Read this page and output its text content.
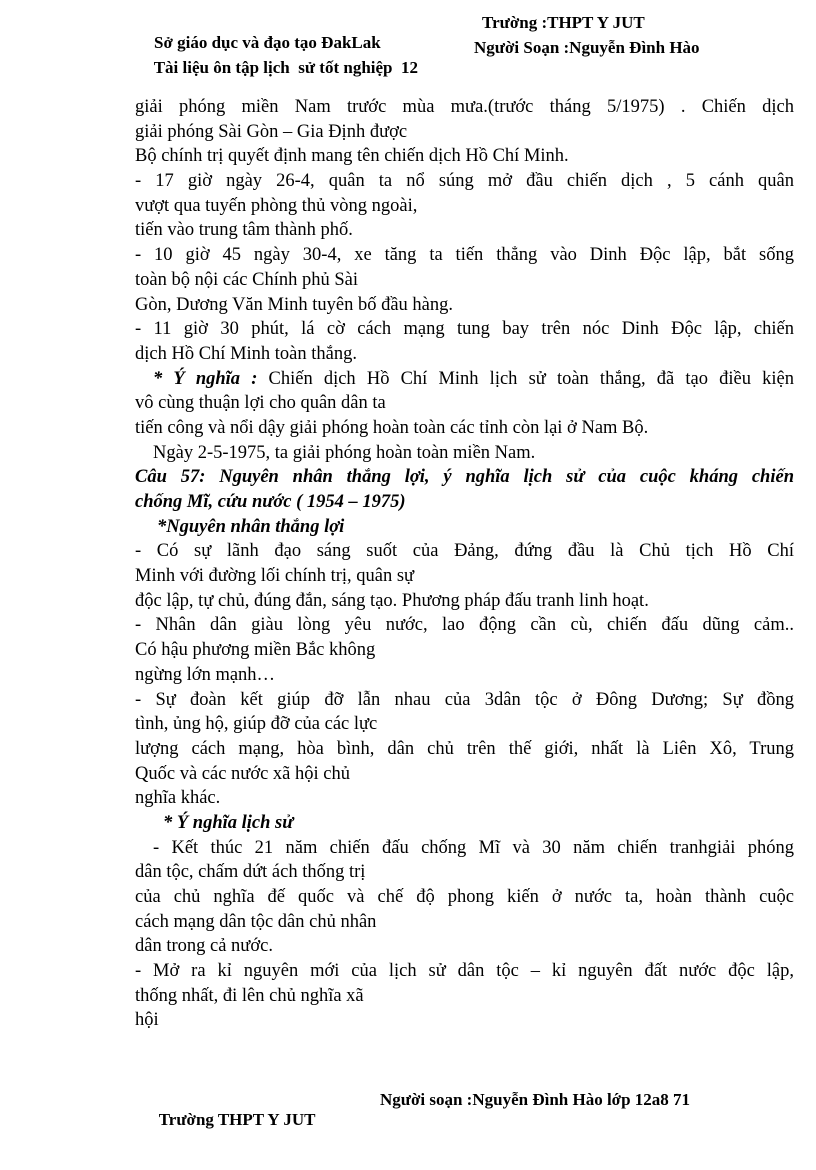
Sở giáo dục và đạo tạo ĐakLak

Trường :THPT Y JUT

Tài liệu ôn tập lịch  sử tốt nghiệp  12

Người Soạn :Nguyễn Đình Hào

giải phóng miền Nam trước mùa mưa.(trước tháng 5/1975) . Chiến dịch
giải phóng Sài Gòn – Gia Định được
Bộ chính trị quyết định mang tên chiến dịch Hồ Chí Minh.
- 17 giờ ngày 26-4, quân ta nổ súng mở đầu chiến dịch , 5 cánh quân
vượt qua tuyến phòng thủ vòng ngoài,
tiến vào trung tâm thành phố.
- 10 giờ 45 ngày 30-4, xe tăng ta tiến thẳng vào Dinh Độc lập, bắt sống
toàn bộ nội các Chính phủ Sài
Gòn, Dương Văn Minh tuyên bố đầu hàng.
- 11 giờ 30 phút, lá cờ cách mạng tung bay trên nóc Dinh Độc lập, chiến
dịch Hồ Chí Minh toàn thắng.
* Ý nghĩa : Chiến dịch Hồ Chí Minh lịch sử toàn thắng, đã tạo điều kiện
vô cùng thuận lợi cho quân dân ta
tiến công và nổi dậy giải phóng hoàn toàn các tỉnh còn lại ở Nam Bộ.
Ngày 2-5-1975, ta giải phóng hoàn toàn miền Nam.
Câu 57: Nguyên nhân thắng lợi, ý nghĩa lịch sử của cuộc kháng chiến
chống Mĩ, cứu nước ( 1954 – 1975)
*Nguyên nhân thắng lợi
- Có sự lãnh đạo sáng suốt của Đảng, đứng đầu là Chủ tịch Hồ Chí
Minh với đường lối chính trị, quân sự
độc lập, tự chủ, đúng đắn, sáng tạo. Phương pháp đấu tranh linh hoạt.
- Nhân dân giàu lòng yêu nước, lao động cần cù, chiến đấu dũng cảm..
Có hậu phương miền Bắc không
ngừng lớn mạnh…
- Sự đoàn kết giúp đỡ lẫn nhau của 3dân tộc ở Đông Dương; Sự đồng
tình, ủng hộ, giúp đỡ của các lực
lượng cách mạng, hòa bình, dân chủ trên thế giới, nhất là Liên Xô, Trung
Quốc và các nước xã hội chủ
nghĩa khác.
* Ý nghĩa lịch sử
- Kết thúc 21 năm chiến đấu chống Mĩ và 30 năm chiến tranhgiải phóng
dân tộc, chấm dứt ách thống trị
của chủ nghĩa đế quốc và chế độ phong kiến ở nước ta, hoàn thành cuộc
cách mạng dân tộc dân chủ nhân
dân trong cả nước.
- Mở ra kỉ nguyên mới của lịch sử dân tộc – kỉ nguyên đất nước độc lập,
thống nhất, đi lên chủ nghĩa xã
hội

Trường THPT Y JUT

Người soạn :Nguyễn Đình Hào lớp 12a8 71
